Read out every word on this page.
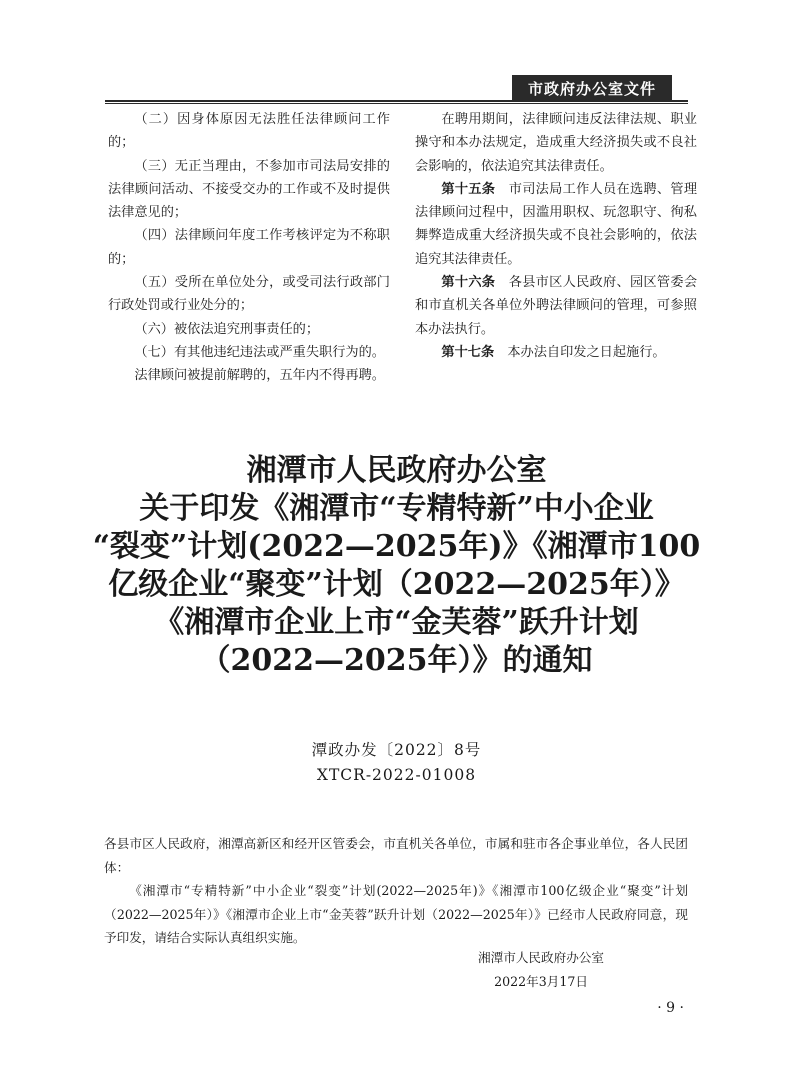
市政府办公室文件

（二）因身体原因无法胜任法律顾问工作的；

（三）无正当理由，不参加市司法局安排的法律顾问活动、不接受交办的工作或不及时提供法律意见的；

（四）法律顾问年度工作考核评定为不称职的；

（五）受所在单位处分，或受司法行政部门行政处罚或行业处分的；

（六）被依法追究刑事责任的；

（七）有其他违纪违法或严重失职行为的。

法律顾问被提前解聘的，五年内不得再聘。

在聘用期间，法律顾问违反法律法规、职业操守和本办法规定，造成重大经济损失或不良社会影响的，依法追究其法律责任。

第十五条　市司法局工作人员在选聘、管理法律顾问过程中，因滥用职权、玩忽职守、徇私舞弊造成重大经济损失或不良社会影响的，依法追究其法律责任。

第十六条　各县市区人民政府、园区管委会和市直机关各单位外聘法律顾问的管理，可参照本办法执行。

第十七条　本办法自印发之日起施行。

湘潭市人民政府办公室
关于印发《湘潭市“专精特新”中小企业
“裂变”计划(2022—2025年)》《湘潭市100
亿级企业“聚变”计划（2022—2025年）》
《湘潭市企业上市“金芙蓉”跃升计划
（2022—2025年）》的通知
潭政办发〔2022〕8号
XTCR-2022-01008

各县市区人民政府，湘潭高新区和经开区管委会，市直机关各单位，市属和驻市各企事业单位，各人民团体：

《湘潭市“专精特新”中小企业“裂变”计划(2022—2025年)》《湘潭市100亿级企业“聚变”计划（2022—2025年）》《湘潭市企业上市“金芙蓉”跃升计划（2022—2025年）》已经市人民政府同意，现予印发，请结合实际认真组织实施。

湘潭市人民政府办公室
2022年3月17日
· 9 ·
